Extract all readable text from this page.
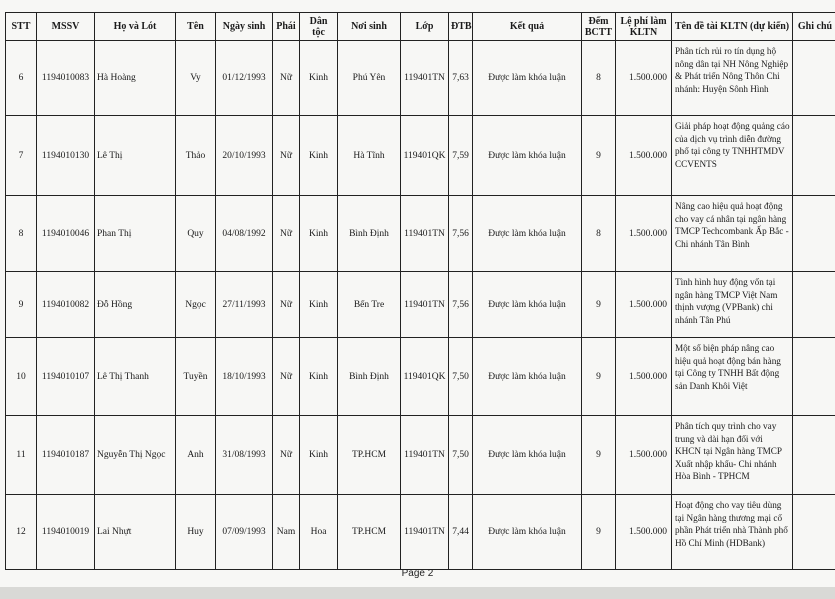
STT	MSSV	Họ và Lót	Tên	Ngày sinh	Phái	Dân tộc	Nơi sinh	Lớp	ĐTB	Kết quả	Đếm BCTT	Lệ phí làm KLTN	Tên đề tài KLTN (dự kiến)	Ghi chú
6	1194010083	Hà Hoàng	Vy	01/12/1993	Nữ	Kinh	Phú Yên	119401TN	7,63	Được làm khóa luận	8	1.500.000	Phân tích rủi ro tín dụng hộ nông dân tại NH Nông Nghiệp & Phát triển Nông Thôn Chi nhánh: Huyện Sônh Hình	
7	1194010130	Lê Thị	Thảo	20/10/1993	Nữ	Kinh	Hà Tĩnh	119401QK	7,59	Được làm khóa luận	9	1.500.000	Giải pháp hoạt động quảng cáo của dịch vụ trình diễn đường phố tại công ty TNHHTMDV CCVENTS	
8	1194010046	Phan Thị	Quy	04/08/1992	Nữ	Kinh	Bình Định	119401TN	7,56	Được làm khóa luận	8	1.500.000	Nâng cao hiệu quả hoạt động cho vay cá nhân tại ngân hàng TMCP Techcombank Ấp Bắc - Chi nhánh Tân Bình	
9	1194010082	Đỗ Hồng	Ngọc	27/11/1993	Nữ	Kinh	Bến Tre	119401TN	7,56	Được làm khóa luận	9	1.500.000	Tình hình huy động vốn tại ngân hàng TMCP Việt Nam thịnh vượng (VPBank) chi nhánh Tân Phú	
10	1194010107	Lê Thị Thanh	Tuyền	18/10/1993	Nữ	Kinh	Bình Định	119401QK	7,50	Được làm khóa luận	9	1.500.000	Một số biện pháp nâng cao hiệu quả hoạt động bán hàng tại Công ty TNHH Bất động sản Danh Khôi Việt	
11	1194010187	Nguyễn Thị Ngọc	Anh	31/08/1993	Nữ	Kinh	TP.HCM	119401TN	7,50	Được làm khóa luận	9	1.500.000	Phân tích quy trình cho vay trung và dài hạn đối với KHCN tại Ngân hàng TMCP Xuất nhập khẩu- Chi nhánh Hòa Bình - TPHCM	
12	1194010019	Lai Nhựt	Huy	07/09/1993	Nam	Hoa	TP.HCM	119401TN	7,44	Được làm khóa luận	9	1.500.000	Hoạt động cho vay tiêu dùng tại Ngân hàng thương mại cổ phần Phát triển nhà Thành phố Hồ Chí Minh (HDBank)	
Page 2
